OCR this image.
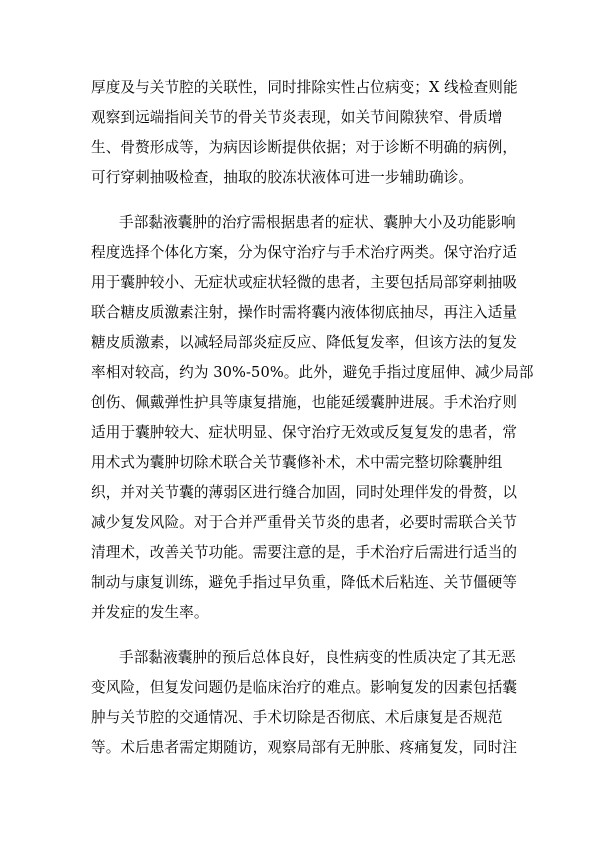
厚度及与关节腔的关联性，同时排除实性占位病变；X 线检查则能
观察到远端指间关节的骨关节炎表现，如关节间隙狭窄、骨质增
生、骨赘形成等，为病因诊断提供依据；对于诊断不明确的病例，
可行穿刺抽吸检查，抽取的胶冻状液体可进一步辅助确诊。
手部黏液囊肿的治疗需根据患者的症状、囊肿大小及功能影响
程度选择个体化方案，分为保守治疗与手术治疗两类。保守治疗适
用于囊肿较小、无症状或症状轻微的患者，主要包括局部穿刺抽吸
联合糖皮质激素注射，操作时需将囊内液体彻底抽尽，再注入适量
糖皮质激素，以减轻局部炎症反应、降低复发率，但该方法的复发
率相对较高，约为 30%-50%。此外，避免手指过度屈伸、减少局部
创伤、佩戴弹性护具等康复措施，也能延缓囊肿进展。手术治疗则
适用于囊肿较大、症状明显、保守治疗无效或反复复发的患者，常
用术式为囊肿切除术联合关节囊修补术，术中需完整切除囊肿组
织，并对关节囊的薄弱区进行缝合加固，同时处理伴发的骨赘，以
减少复发风险。对于合并严重骨关节炎的患者，必要时需联合关节
清理术，改善关节功能。需要注意的是，手术治疗后需进行适当的
制动与康复训练，避免手指过早负重，降低术后粘连、关节僵硬等
并发症的发生率。
手部黏液囊肿的预后总体良好，良性病变的性质决定了其无恶
变风险，但复发问题仍是临床治疗的难点。影响复发的因素包括囊
肿与关节腔的交通情况、手术切除是否彻底、术后康复是否规范
等。术后患者需定期随访，观察局部有无肿胀、疼痛复发，同时注
